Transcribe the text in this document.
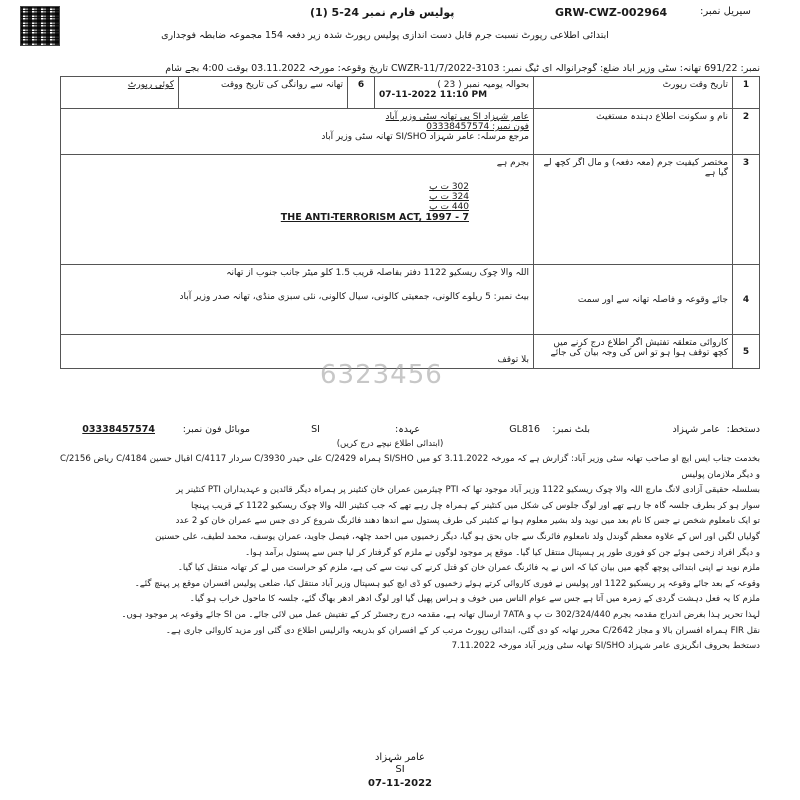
پولیس فارم نمبر 24-5 (1)	GRW-CWZ-002964	سیریل نمبر:
ابتدائی اطلاعی رپورٹ نسبت جرم قابل دست اندازی پولیس رپورٹ شدہ زیر دفعہ 154 مجموعہ ضابطہ فوجداری
نمبر: 691/22 تھانہ: سٹی وزیر آباد ضلع: گوجرانوالہ ای ٹیگ نمبر: CWZR-11/7/2022-3103 تاریخ وقوعہ: مورخہ 03.11.2022 بوقت 4:00 بجے شام
1	تاریخ وقت رپورٹ	بحوالہ یومیہ نمبر ( 23 )
07-11-2022 11:10 PM	6	تھانہ سے روانگی کی تاریخ ووقت	کوئی رپورٹ
2	نام و سکونت اطلاع دہندہ مستغیث	عامر شہزاد SI پی تھانہ سٹی وزیر آباد
فون نمبر: 03338457574
مرجع مرسلہ: عامر شہزاد SI/SHO تھانہ سٹی وزیر آباد			

3	مختصر کیفیت جرم (معہ دفعہ) و مال اگر کچھ لے گیا ہے	بجرم ہے
302 ت پ
324 ت پ
440 ت پ
THE ANTI-TERRORISM ACT, 1997 - 7			

4	جائے وقوعہ و فاصلہ تھانہ سے اور سمت	اللہ والا چوک ریسکیو 1122 دفتر بفاصلہ قریب 1.5 کلو میٹر جانب جنوب از تھانہ
بیٹ نمبر: 5 ریلوے کالونی، جمعیتی کالونی، سیال کالونی، نئی سبزی منڈی، تھانہ صدر وزیر آباد			

5	کاروائی متعلقہ تفتیش اگر اطلاع درج کرنے میں کچھ توقف ہوا ہو تو اس کی وجہ بیان کی جائے	بلا توقف			
6323456
دستخط:
عامر شہزاد
بلٹ نمبر:
GL816
عہدہ:
SI
موبائل فون نمبر:
03338457574
(ابتدائی اطلاع نیچے درج کریں)

بخدمت جناب ایس ایچ او صاحب تھانہ سٹی وزیر آباد: گزارش ہے کہ مورخہ 3.11.2022 کو میں SI/SHO ہمراہ 2429/C علی حیدر 3930/C سردار 4117/C اقبال حسین 4184/C ریاض 2156/C و دیگر ملازمان پولیس

بسلسلہ حقیقی آزادی لانگ مارچ اللہ والا چوک ریسکیو 1122 وزیر آباد موجود تھا کہ PTI چیئرمین عمران خان کنٹینر پر ہمراہ دیگر قائدین و عہدیداران PTI کنٹینر پر

سوار ہو کر بطرف جلسہ گاہ جا رہے تھے اور لوگ جلوس کی شکل میں کنٹینر کے ہمراہ چل رہے تھے کہ جب کنٹینر اللہ والا چوک ریسکیو 1122 کے قریب پہنچا

تو ایک نامعلوم شخص نے جس کا نام بعد میں نوید ولد بشیر معلوم ہوا نے کنٹینر کی طرف پستول سے اندھا دھند فائرنگ شروع کر دی جس سے عمران خان کو 2 عدد

گولیاں لگیں اور اس کے علاوہ معظم گوندل ولد نامعلوم فائرنگ سے جاں بحق ہو گیا، دیگر زخمیوں میں احمد چٹھہ، فیصل جاوید، عمران یوسف، محمد لطیف، علی حسنین

و دیگر افراد زخمی ہوئے جن کو فوری طور پر ہسپتال منتقل کیا گیا۔ موقع پر موجود لوگوں نے ملزم کو گرفتار کر لیا جس سے پستول برآمد ہوا۔

ملزم نوید نے اپنی ابتدائی پوچھ گچھ میں بیان کیا کہ اس نے یہ فائرنگ عمران خان کو قتل کرنے کی نیت سے کی ہے، ملزم کو حراست میں لے کر تھانہ منتقل کیا گیا۔

وقوعہ کے بعد جائے وقوعہ پر ریسکیو 1122 اور پولیس نے فوری کاروائی کرتے ہوئے زخمیوں کو ڈی ایچ کیو ہسپتال وزیر آباد منتقل کیا، ضلعی پولیس افسران موقع پر پہنچ گئے۔

ملزم کا یہ فعل دہشت گردی کے زمرہ میں آتا ہے جس سے عوام الناس میں خوف و ہراس پھیل گیا اور لوگ ادھر ادھر بھاگ گئے، جلسہ کا ماحول خراب ہو گیا۔

لہذا تحریر ہذا بغرض اندراج مقدمہ بجرم 302/324/440 ت پ و 7ATA ارسال تھانہ ہے، مقدمہ درج رجسٹر کر کے تفتیش عمل میں لائی جائے۔ من SI جائے وقوعہ پر موجود ہوں۔

نقل FIR ہمراہ افسران بالا و مجاز C/2642 محرر تھانہ کو دی گئی، ابتدائی رپورٹ مرتب کر کے افسران کو بذریعہ وائرلیس اطلاع دی گئی اور مزید کاروائی جاری ہے۔

دستخط بحروف انگریزی عامر شہزاد SI/SHO تھانہ سٹی وزیر آباد مورخہ 7.11.2022

عامر شہزاد
SI
07-11-2022
